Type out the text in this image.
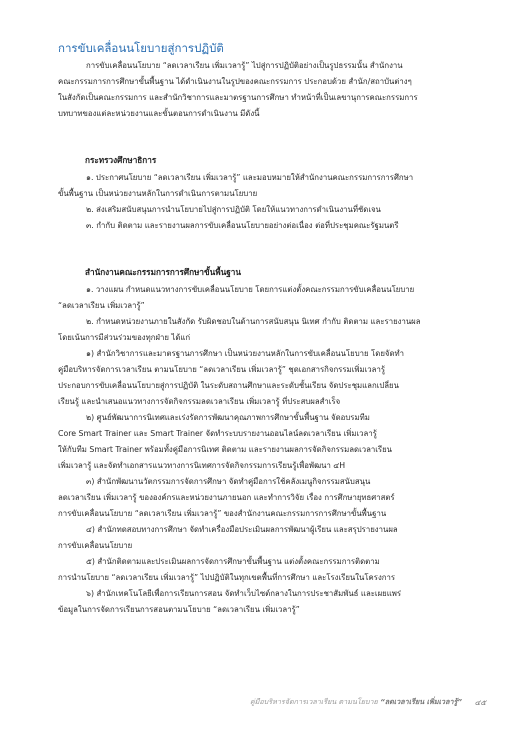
การขับเคลื่อนนโยบายสู่การปฏิบัติ
การขับเคลื่อนนโยบาย “ลดเวลาเรียน เพิ่มเวลารู้” ไปสู่การปฏิบัติอย่างเป็นรูปธรรมนั้น สำนักงาน
คณะกรรมการการศึกษาขั้นพื้นฐาน ได้ดำเนินงานในรูปของคณะกรรมการ ประกอบด้วย สำนัก/สถาบันต่างๆ
ในสังกัดเป็นคณะกรรมการ และสำนักวิชาการและมาตรฐานการศึกษา ทำหน้าที่เป็นเลขานุการคณะกรรมการ
บทบาทของแต่ละหน่วยงานและขั้นตอนการดำเนินงาน มีดังนี้
กระทรวงศึกษาธิการ
๑. ประกาศนโยบาย “ลดเวลาเรียน เพิ่มเวลารู้” และมอบหมายให้สำนักงานคณะกรรมการการศึกษา
ขั้นพื้นฐาน เป็นหน่วยงานหลักในการดำเนินการตามนโยบาย
๒. ส่งเสริมสนับสนุนการนำนโยบายไปสู่การปฏิบัติ โดยให้แนวทางการดำเนินงานที่ชัดเจน
๓. กำกับ ติดตาม และรายงานผลการขับเคลื่อนนโยบายอย่างต่อเนื่อง ต่อที่ประชุมคณะรัฐมนตรี
สำนักงานคณะกรรมการการศึกษาขั้นพื้นฐาน
๑. วางแผน กำหนดแนวทางการขับเคลื่อนนโยบาย โดยการแต่งตั้งคณะกรรมการขับเคลื่อนนโยบาย
“ลดเวลาเรียน เพิ่มเวลารู้”
๒. กำหนดหน่วยงานภายในสังกัด รับผิดชอบในด้านการสนับสนุน นิเทศ กำกับ ติดตาม และรายงานผล
โดยเน้นการมีส่วนร่วมของทุกฝ่าย ได้แก่
๑) สำนักวิชาการและมาตรฐานการศึกษา เป็นหน่วยงานหลักในการขับเคลื่อนนโยบาย โดยจัดทำ
คู่มือบริหารจัดการเวลาเรียน ตามนโยบาย “ลดเวลาเรียน เพิ่มเวลารู้” ชุดเอกสารกิจกรรมเพิ่มเวลารู้
ประกอบการขับเคลื่อนนโยบายสู่การปฏิบัติ ในระดับสถานศึกษาและระดับชั้นเรียน จัดประชุมแลกเปลี่ยน
เรียนรู้ และนำเสนอแนวทางการจัดกิจกรรมลดเวลาเรียน เพิ่มเวลารู้ ที่ประสบผลสำเร็จ
๒) ศูนย์พัฒนาการนิเทศและเร่งรัดการพัฒนาคุณภาพการศึกษาขั้นพื้นฐาน จัดอบรมทีม
Core Smart Trainer และ Smart Trainer จัดทำระบบรายงานออนไลน์ลดเวลาเรียน เพิ่มเวลารู้
ให้กับทีม Smart Trainer พร้อมทั้งคู่มือการนิเทศ ติดตาม และรายงานผลการจัดกิจกรรมลดเวลาเรียน
เพิ่มเวลารู้ และจัดทำเอกสารแนวทางการนิเทศการจัดกิจกรรมการเรียนรู้เพื่อพัฒนา ๔H
๓) สำนักพัฒนานวัตกรรมการจัดการศึกษา จัดทำคู่มือการใช้คลังเมนูกิจกรรมสนับสนุน
ลดเวลาเรียน เพิ่มเวลารู้ ขององค์กรและหน่วยงานภายนอก และทำการวิจัย เรื่อง การศึกษายุทธศาสตร์
การขับเคลื่อนนโยบาย “ลดเวลาเรียน เพิ่มเวลารู้” ของสำนักงานคณะกรรมการการศึกษาขั้นพื้นฐาน
๔) สำนักทดสอบทางการศึกษา จัดทำเครื่องมือประเมินผลการพัฒนาผู้เรียน และสรุปรายงานผล
การขับเคลื่อนนโยบาย
๕) สำนักติดตามและประเมินผลการจัดการศึกษาขั้นพื้นฐาน แต่งตั้งคณะกรรมการติดตาม
การนำนโยบาย “ลดเวลาเรียน เพิ่มเวลารู้” ไปปฏิบัติในทุกเขตพื้นที่การศึกษา และโรงเรียนในโครงการ
๖) สำนักเทคโนโลยีเพื่อการเรียนการสอน จัดทำเว็บไซต์กลางในการประชาสัมพันธ์ และเผยแพร่
ข้อมูลในการจัดการเรียนการสอนตามนโยบาย “ลดเวลาเรียน เพิ่มเวลารู้”
คู่มือบริหารจัดการเวลาเรียน ตามนโยบาย “ลดเวลาเรียน เพิ่มเวลารู้” ๔๕
